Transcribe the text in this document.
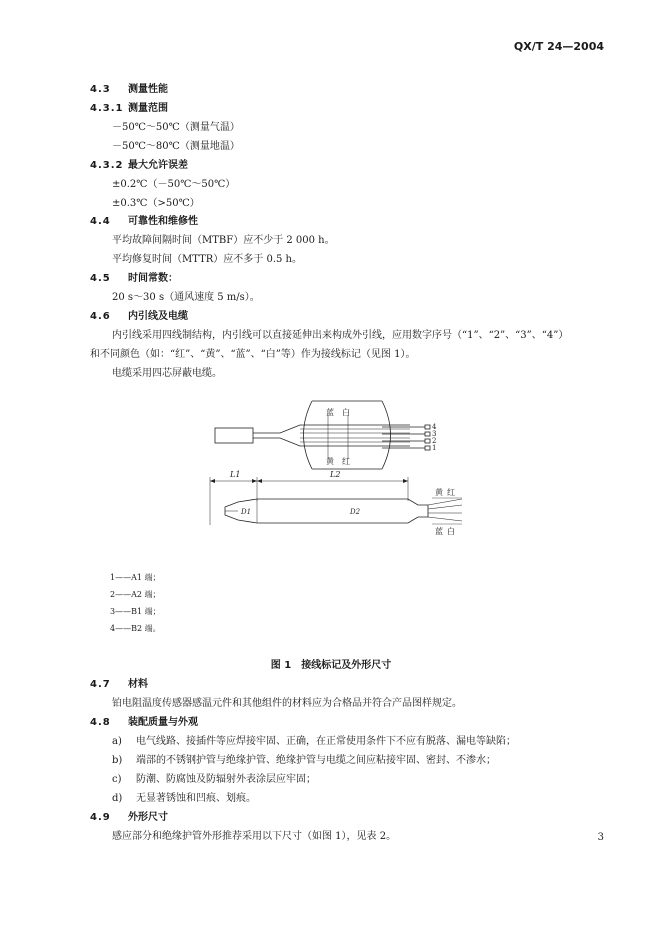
QX/T 24—2004
4.3 测量性能
4.3.1 测量范围
－50℃～50℃（测量气温）
－50℃～80℃（测量地温）
4.3.2 最大允许误差
±0.2℃（－50℃～50℃）
±0.3℃（>50℃）
4.4 可靠性和维修性
平均故障间隔时间（MTBF）应不少于 2 000 h。
平均修复时间（MTTR）应不多于 0.5 h。
4.5 时间常数：
20 s～30 s（通风速度 5 m/s）。
4.6 内引线及电缆
内引线采用四线制结构，内引线可以直接延伸出来构成外引线，应用数字序号（“1”、“2”、“3”、“4”）
和不同颜色（如：“红”、“黄”、“蓝”、“白”等）作为接线标记（见图 1）。
电缆采用四芯屏蔽电缆。
蓝 白
黄 红
4
3
2
1
L1	L2
D1	D2
黄 红
蓝 白
1——A1 端；
2——A2 端；
3——B1 端；
4——B2 端。
图 1　接线标记及外形尺寸
4.7 材料
铂电阻温度传感器感温元件和其他组件的材料应为合格品并符合产品图样规定。
4.8 装配质量与外观
a) 电气线路、接插件等应焊接牢固、正确，在正常使用条件下不应有脱落、漏电等缺陷；
b) 端部的不锈钢护管与绝缘护管、绝缘护管与电缆之间应粘接牢固、密封、不渗水；
c) 防潮、防腐蚀及防辐射外表涂层应牢固；
d) 无显著锈蚀和凹痕、划痕。
4.9 外形尺寸
感应部分和绝缘护管外形推荐采用以下尺寸（如图 1），见表 2。	3
